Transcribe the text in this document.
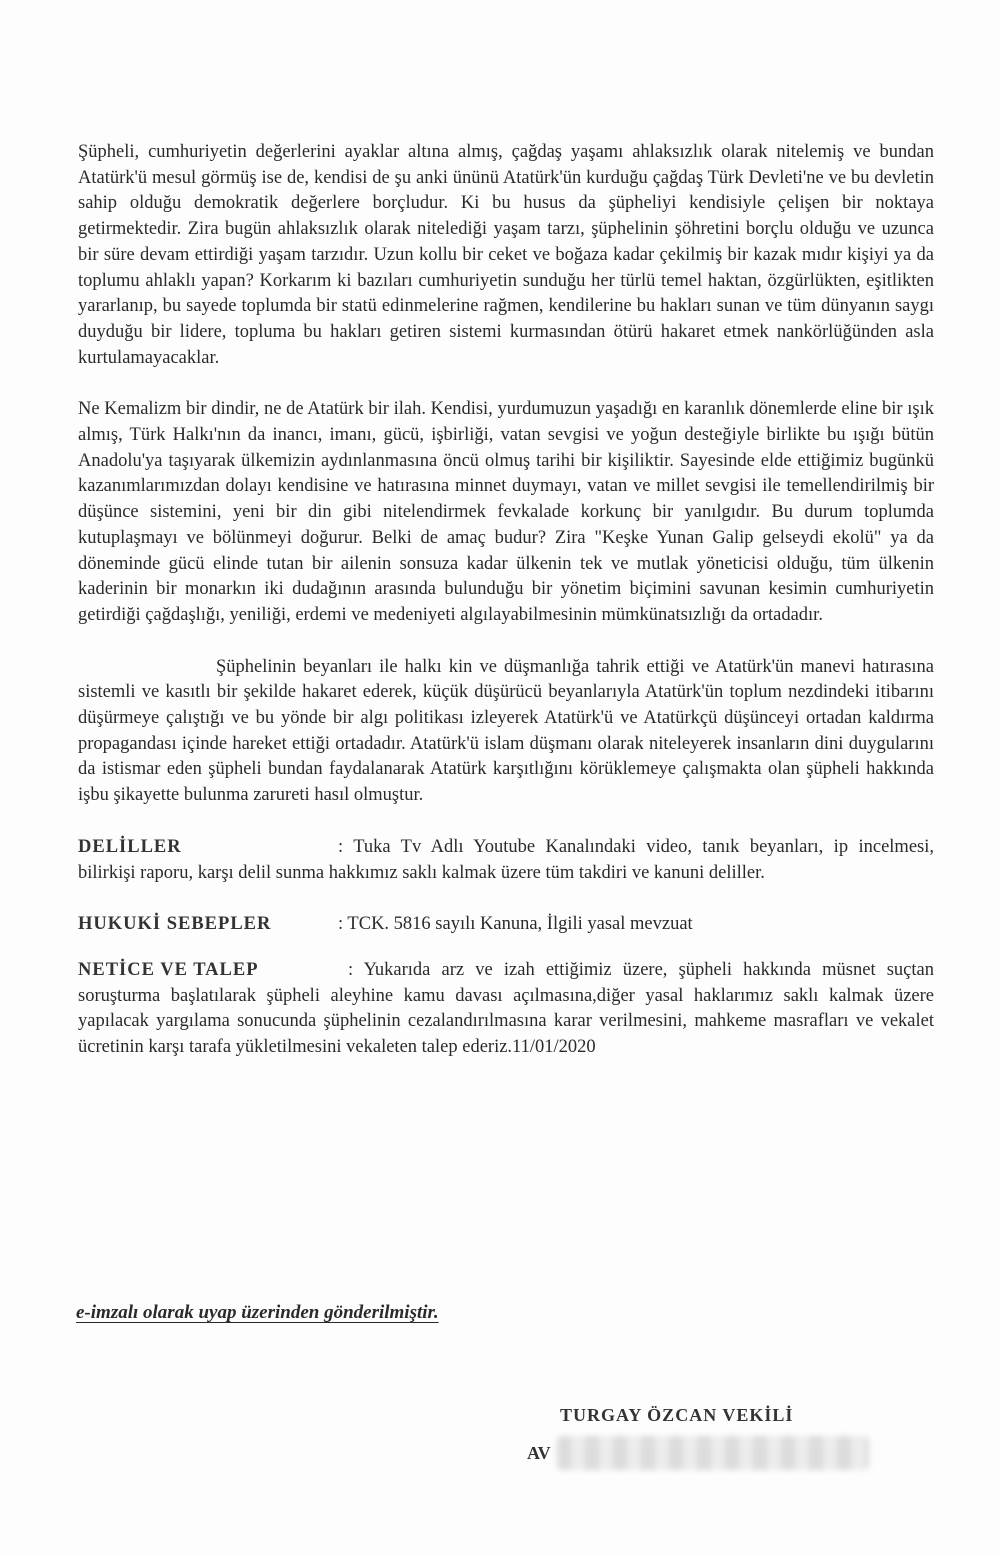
Şüpheli, cumhuriyetin değerlerini ayaklar altına almış, çağdaş yaşamı ahlaksızlık olarak nitelemiş ve bundan Atatürk'ü mesul görmüş ise de, kendisi de şu anki ününü Atatürk'ün kurduğu çağdaş Türk Devleti'ne ve bu devletin sahip olduğu demokratik değerlere borçludur. Ki bu husus da şüpheliyi kendisiyle çelişen bir noktaya getirmektedir. Zira bugün ahlaksızlık olarak nitelediği yaşam tarzı, şüphelinin şöhretini borçlu olduğu ve uzunca bir süre devam ettirdiği yaşam tarzıdır. Uzun kollu bir ceket ve boğaza kadar çekilmiş bir kazak mıdır kişiyi ya da toplumu ahlaklı yapan? Korkarım ki bazıları cumhuriyetin sunduğu her türlü temel haktan, özgürlükten, eşitlikten yararlanıp, bu sayede toplumda bir statü edinmelerine rağmen, kendilerine bu hakları sunan ve tüm dünyanın saygı duyduğu bir lidere, topluma bu hakları getiren sistemi kurmasından ötürü hakaret etmek nankörlüğünden asla kurtulamayacaklar.

Ne Kemalizm bir dindir, ne de Atatürk bir ilah. Kendisi, yurdumuzun yaşadığı en karanlık dönemlerde eline bir ışık almış, Türk Halkı'nın da inancı, imanı, gücü, işbirliği, vatan sevgisi ve yoğun desteğiyle birlikte bu ışığı bütün Anadolu'ya taşıyarak ülkemizin aydınlanmasına öncü olmuş tarihi bir kişiliktir. Sayesinde elde ettiğimiz bugünkü kazanımlarımızdan dolayı kendisine ve hatırasına minnet duymayı, vatan ve millet sevgisi ile temellendirilmiş bir düşünce sistemini, yeni bir din gibi nitelendirmek fevkalade korkunç bir yanılgıdır. Bu durum toplumda kutuplaşmayı ve bölünmeyi doğurur. Belki de amaç budur? Zira "Keşke Yunan Galip gelseydi ekolü" ya da döneminde gücü elinde tutan bir ailenin sonsuza kadar ülkenin tek ve mutlak yöneticisi olduğu, tüm ülkenin kaderinin bir monarkın iki dudağının arasında bulunduğu bir yönetim biçimini savunan kesimin cumhuriyetin getirdiği çağdaşlığı, yeniliği, erdemi ve medeniyeti algılayabilmesinin mümkünatsızlığı da ortadadır.

Şüphelinin beyanları ile halkı kin ve düşmanlığa tahrik ettiği ve Atatürk'ün manevi hatırasına sistemli ve kasıtlı bir şekilde hakaret ederek, küçük düşürücü beyanlarıyla Atatürk'ün toplum nezdindeki itibarını düşürmeye çalıştığı ve bu yönde bir algı politikası izleyerek Atatürk'ü ve Atatürkçü düşünceyi ortadan kaldırma propagandası içinde hareket ettiği ortadadır. Atatürk'ü islam düşmanı olarak niteleyerek insanların dini duygularını da istismar eden şüpheli bundan faydalanarak Atatürk karşıtlığını körüklemeye çalışmakta olan şüpheli hakkında işbu şikayette bulunma zarureti hasıl olmuştur.

DELİLLER	: Tuka Tv Adlı Youtube Kanalındaki video, tanık beyanları, ip incelmesi, bilirkişi raporu, karşı delil sunma hakkımız saklı kalmak üzere tüm takdiri ve kanuni deliller.
HUKUKİ SEBEPLER	: TCK. 5816 sayılı Kanuna, İlgili yasal mevzuat
NETİCE VE TALEP	: Yukarıda arz ve izah ettiğimiz üzere, şüpheli hakkında müsnet suçtan soruşturma başlatılarak şüpheli aleyhine kamu davası açılmasına,diğer yasal haklarımız saklı kalmak üzere yapılacak yargılama sonucunda şüphelinin cezalandırılmasına karar verilmesini, mahkeme masrafları ve vekalet ücretinin karşı tarafa yükletilmesini vekaleten talep ederiz.11/01/2020
e-imzalı olarak uyap üzerinden gönderilmiştir.
TURGAY ÖZCAN VEKİLİ
AV
